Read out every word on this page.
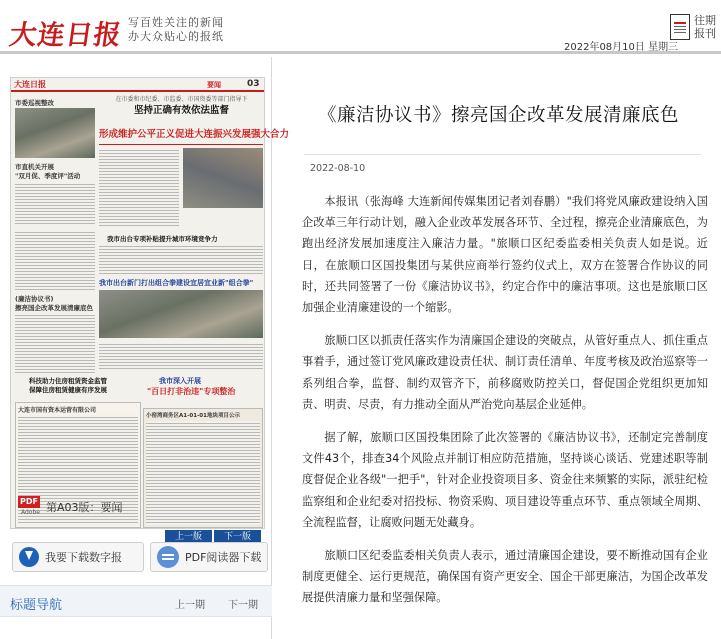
大连日报 写百姓关注的新闻
办大众贴心的报纸
2022年08月10日 星期三
往期报刊
大连日报	要闻	03
在市委和市纪委、市监委、市国资委等部门指导下
坚持正确有效依法监督
形成维护公平正义促进大连振兴发展强大合力
市委巡视整改
市直机关开展
"双月促、季度评"活动
我市出台专项补贴提升城市环境竞争力
我市出台新门打出组合拳建设宜居宜业新"组合拳"
(廉洁协议书)
擦亮国企改革发展清廉底色
科技助力住房租赁资金监管
保障住房租赁健康有序发展
我市深入开展
"百日打非治违"专项整治
大连市国有资本运营有限公司
小窑湾商务区A1-01-01地块项目公示
上一版	下一版
PDF
Adobe 第A03版：要闻
我要下载数字报	PDF阅读器下载
标题导航	上一期 下一期
《廉洁协议书》擦亮国企改革发展清廉底色
2022-08-10

本报讯（张海峰 大连新闻传媒集团记者刘春鹏）"我们将党风廉政建设纳入国企改革三年行动计划，融入企业改革发展各环节、全过程，擦亮企业清廉底色，为跑出经济发展加速度注入廉洁力量。"旅顺口区纪委监委相关负责人如是说。近日，在旅顺口区国投集团与某供应商举行签约仪式上，双方在签署合作协议的同时，还共同签署了一份《廉洁协议书》，约定合作中的廉洁事项。这也是旅顺口区加强企业清廉建设的一个缩影。

旅顺口区以抓责任落实作为清廉国企建设的突破点，从管好重点人、抓住重点事着手，通过签订党风廉政建设责任状、制订责任清单、年度考核及政治巡察等一系列组合拳，监督、制约双管齐下，前移腐败防控关口，督促国企党组织更加知责、明责、尽责，有力推动全面从严治党向基层企业延伸。

据了解，旅顺口区国投集团除了此次签署的《廉洁协议书》，还制定完善制度文件43个，排查34个风险点并制订相应防范措施，坚持谈心谈话、党建述职等制度督促企业各级"一把手"，针对企业投资项目多、资金往来频繁的实际，派驻纪检监察组和企业纪委对招投标、物资采购、项目建设等重点环节、重点领域全周期、全流程监督，让腐败问题无处藏身。

旅顺口区纪委监委相关负责人表示，通过清廉国企建设，要不断推动国有企业制度更健全、运行更规范，确保国有资产更安全、国企干部更廉洁，为国企改革发展提供清廉力量和坚强保障。
